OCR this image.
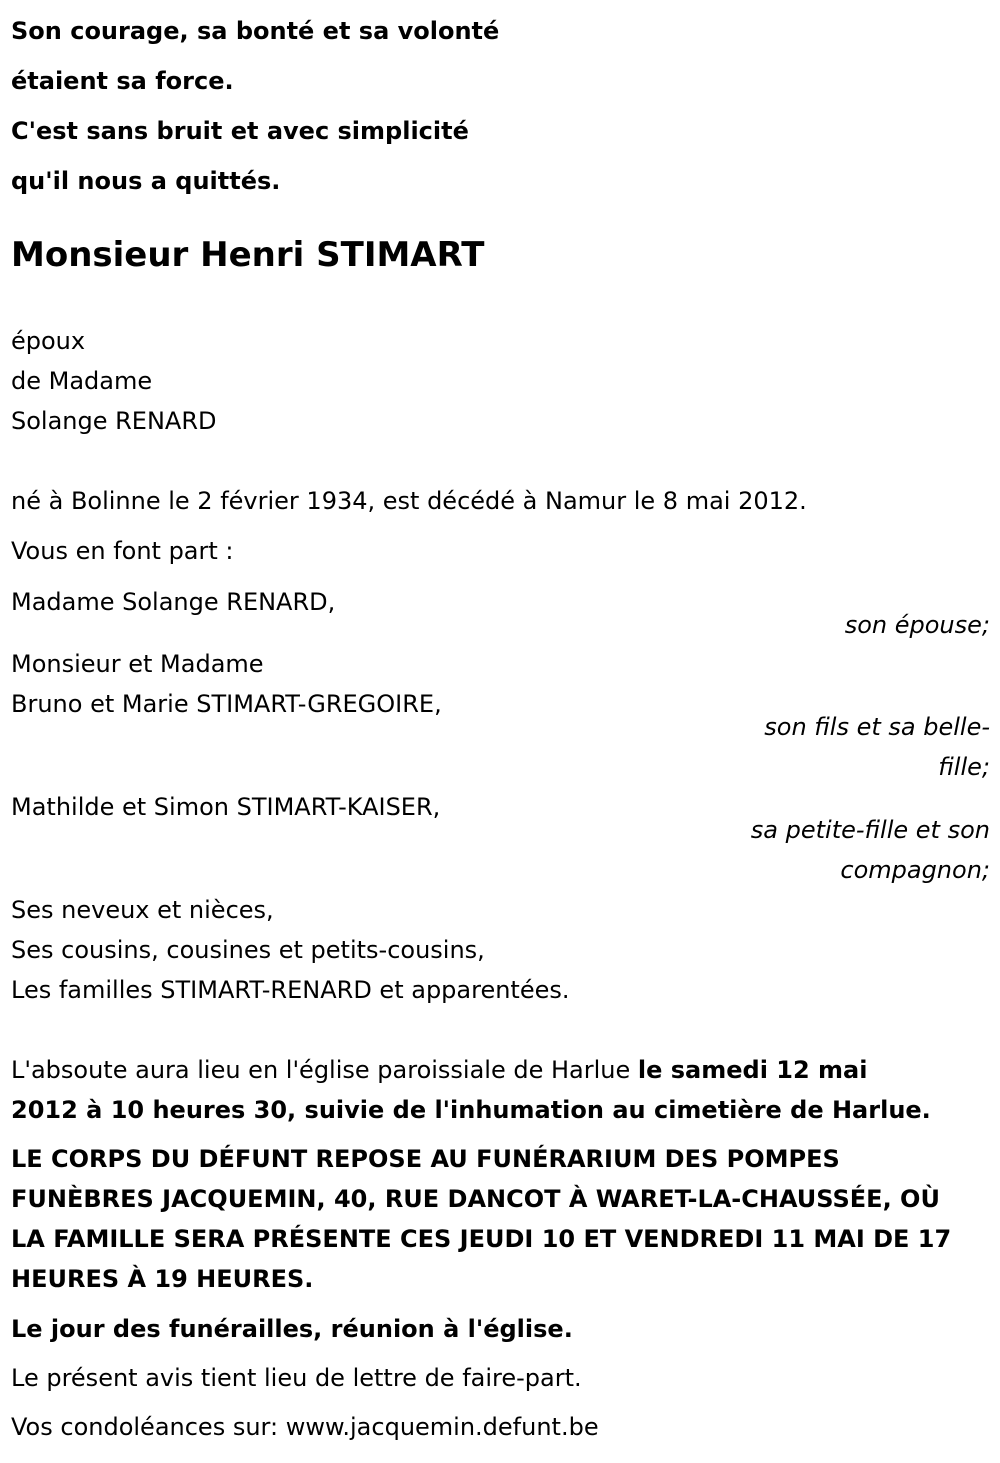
Son courage, sa bonté et sa volonté
étaient sa force.
C'est sans bruit et avec simplicité
qu'il nous a quittés.
Monsieur Henri STIMART
époux
de Madame
Solange RENARD
né à Bolinne le 2 février 1934, est décédé à Namur le 8 mai 2012.
Vous en font part :
Madame Solange RENARD,
son épouse;
Monsieur et Madame
Bruno et Marie STIMART-GREGOIRE,
son fils et sa belle-
fille;
Mathilde et Simon STIMART-KAISER,
sa petite-fille et son
compagnon;
Ses neveux et nièces,
Ses cousins, cousines et petits-cousins,
Les familles STIMART-RENARD et apparentées.
L'absoute aura lieu en l'église paroissiale de Harlue le samedi 12 mai
2012 à 10 heures 30, suivie de l'inhumation au cimetière de Harlue.
LE CORPS DU DÉFUNT REPOSE AU FUNÉRARIUM DES POMPES
FUNÈBRES JACQUEMIN, 40, RUE DANCOT À WARET-LA-CHAUSSÉE, OÙ
LA FAMILLE SERA PRÉSENTE CES JEUDI 10 ET VENDREDI 11 MAI DE 17
HEURES À 19 HEURES.
Le jour des funérailles, réunion à l'église.
Le présent avis tient lieu de lettre de faire-part.
Vos condoléances sur: www.jacquemin.defunt.be
